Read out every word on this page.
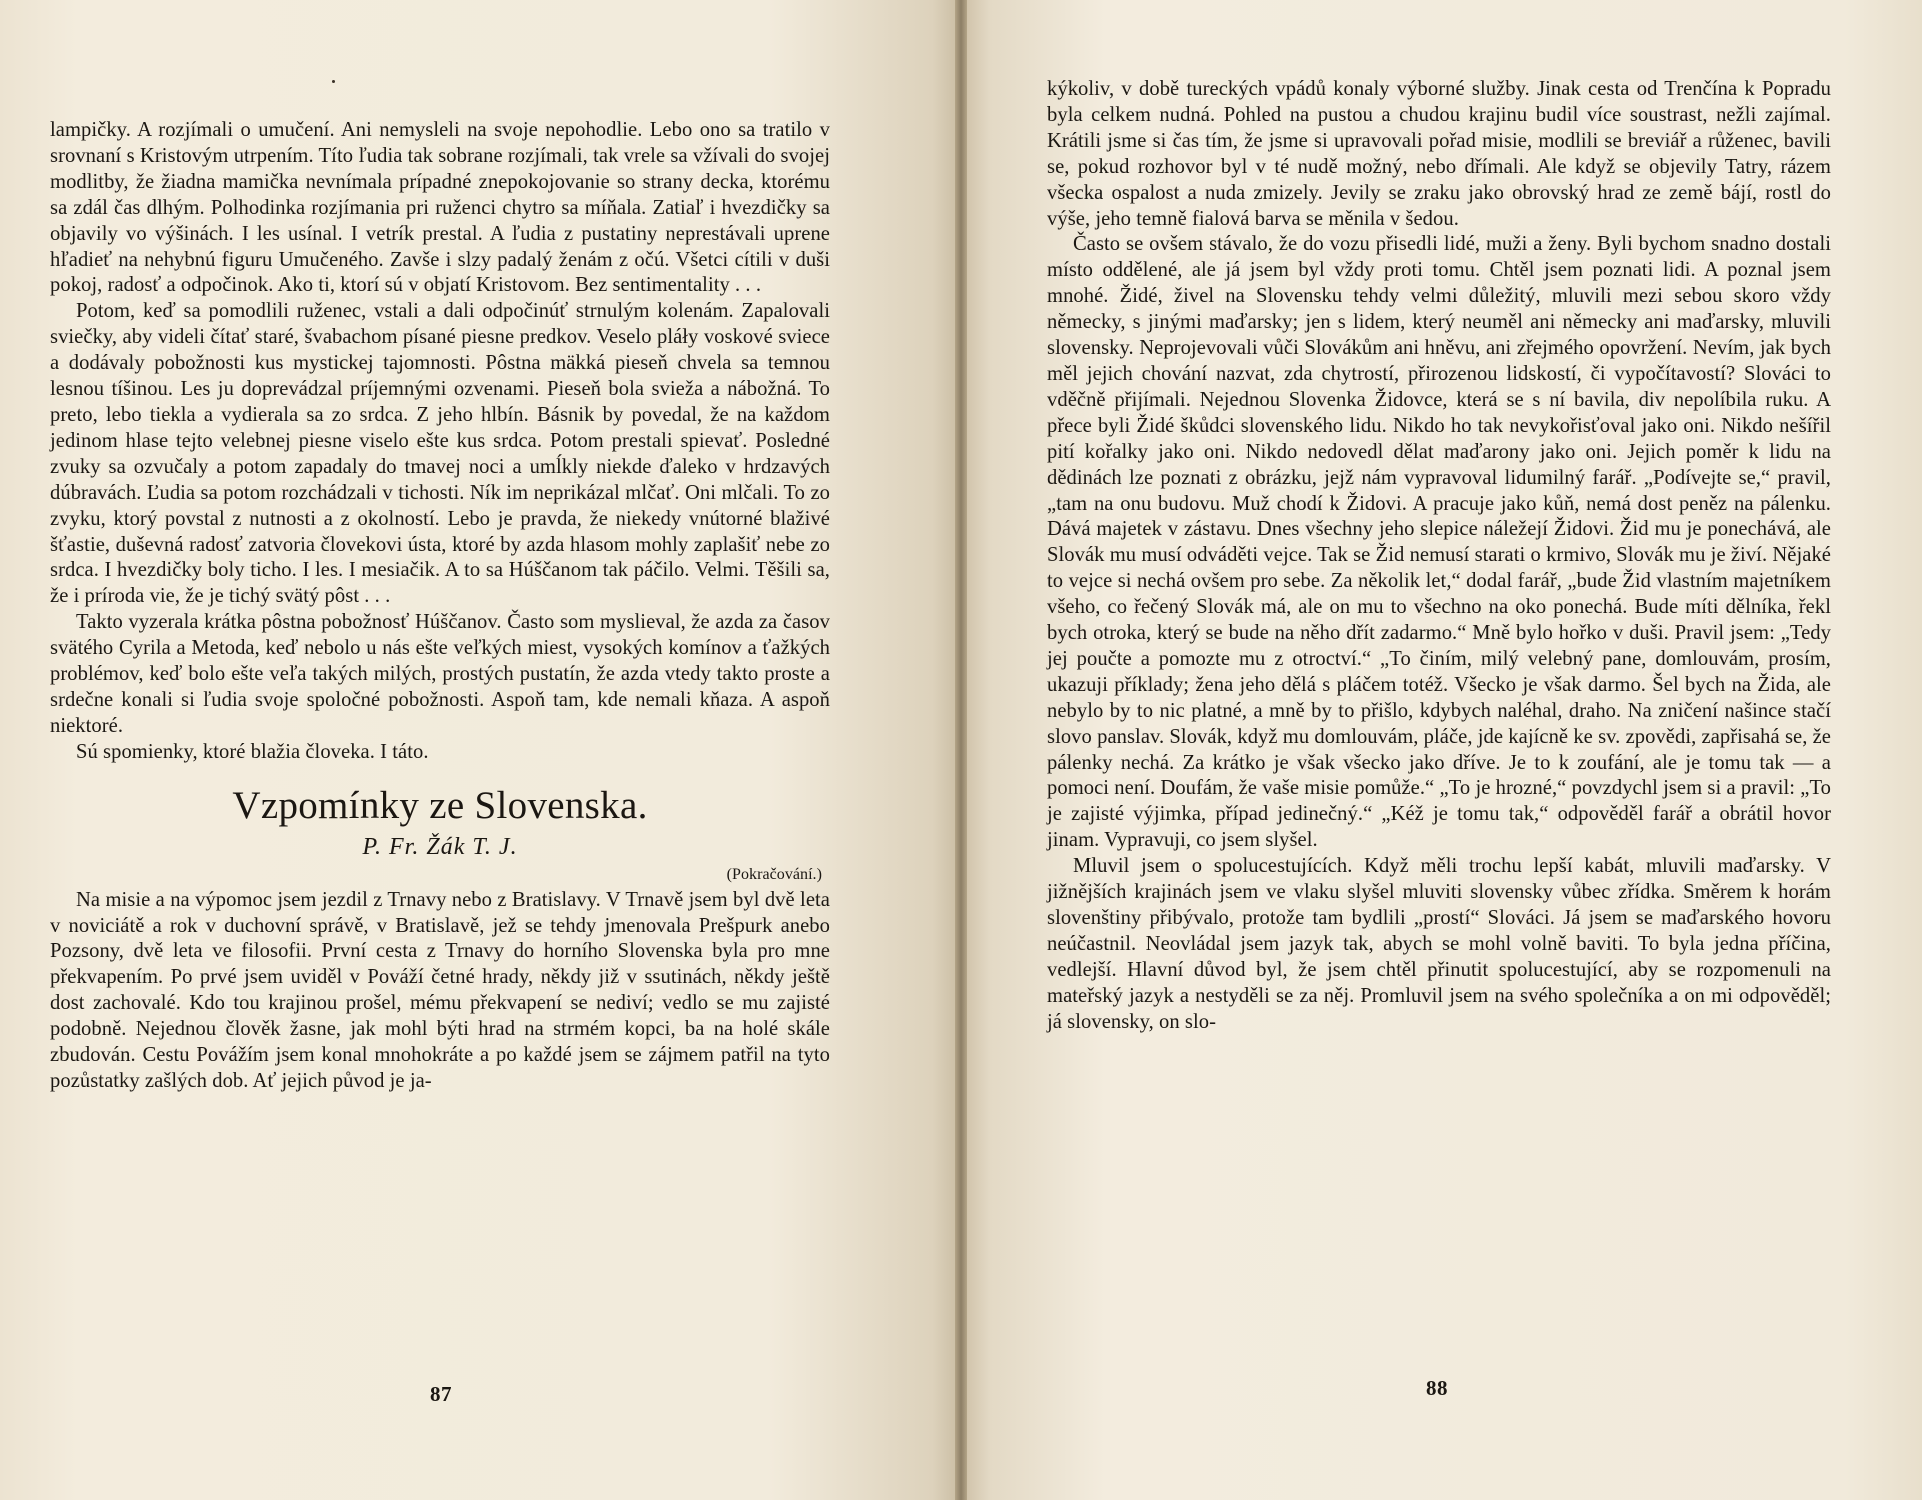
lampičky. A rozjímali o umučení. Ani nemysleli na svoje nepohodlie. Lebo ono sa tratilo v srovnaní s Kristovým utrpením. Títo ľudia tak sobrane rozjímali, tak vrele sa vžívali do svojej modlitby, že žiadna mamička nevnímala prípadné znepokojovanie so strany decka, ktorému sa zdál čas dlhým. Polhodinka rozjímania pri ruženci chytro sa míňala. Zatiaľ i hvezdičky sa objavily vo výšinách. I les usínal. I vetrík prestal. A ľudia z pustatiny neprestávali uprene hľadieť na nehybnú figuru Umučeného. Zavše i slzy padalý ženám z očú. Všetci cítili v duši pokoj, radosť a odpočinok. Ako ti, ktorí sú v objatí Kristovom. Bez sentimentality . . .

Potom, keď sa pomodlili ruženec, vstali a dali odpočinúť strnulým kolenám. Zapalovali sviečky, aby videli čítať staré, švabachom písané piesne predkov. Veselo pláły voskové sviece a dodávaly pobožnosti kus mystickej tajomnosti. Pôstna mäkká pieseň chvela sa temnou lesnou tíšinou. Les ju doprevádzal príjemnými ozvenami. Pieseň bola svieža a nábožná. To preto, lebo tiekla a vydierala sa zo srdca. Z jeho hlbín. Básnik by povedal, že na každom jedinom hlase tejto velebnej piesne viselo ešte kus srdca. Potom prestali spievať. Posledné zvuky sa ozvučaly a potom zapadaly do tmavej noci a umĺkly niekde ďaleko v hrdzavých dúbravách. Ľudia sa potom rozchádzali v tichosti. Ník im neprikázal mlčať. Oni mlčali. To zo zvyku, ktorý povstal z nutnosti a z okolností. Lebo je pravda, že niekedy vnútorné blaživé šťastie, duševná radosť zatvoria človekovi ústa, ktoré by azda hlasom mohly zaplašiť nebe zo srdca. I hvezdičky boly ticho. I les. I mesiačik. A to sa Húščanom tak páčilo. Velmi. Těšili sa, že i príroda vie, že je tichý svätý pôst . . .

Takto vyzerala krátka pôstna pobožnosť Húščanov. Často som myslieval, že azda za časov svätého Cyrila a Metoda, keď nebolo u nás ešte veľkých miest, vysokých komínov a ťažkých problémov, keď bolo ešte veľa takých milých, prostých pustatín, že azda vtedy takto proste a srdečne konali si ľudia svoje spoločné pobožnosti. Aspoň tam, kde nemali kňaza. A aspoň niektoré.

Sú spomienky, ktoré blažia človeka. I táto.

Vzpomínky ze Slovenska.
P. Fr. Žák T. J.
(Pokračování.)

Na misie a na výpomoc jsem jezdil z Trnavy nebo z Bratislavy. V Trnavě jsem byl dvě leta v noviciátě a rok v duchovní správě, v Bratislavě, jež se tehdy jmenovala Prešpurk anebo Pozsony, dvě leta ve filosofii. První cesta z Trnavy do horního Slovenska byla pro mne překvapením. Po prvé jsem uviděl v Pováží četné hrady, někdy již v ssutinách, někdy ještě dost zachovalé. Kdo tou krajinou prošel, mému překvapení se nediví; vedlo se mu zajisté podobně. Nejednou člověk žasne, jak mohl býti hrad na strmém kopci, ba na holé skále zbudován. Cestu Povážím jsem konal mnohokráte a po každé jsem se zájmem patřil na tyto pozůstatky zašlých dob. Ať jejich původ je ja-

87

kýkoliv, v době tureckých vpádů konaly výborné služby. Jinak cesta od Trenčína k Popradu byla celkem nudná. Pohled na pustou a chudou krajinu budil více soustrast, nežli zajímal. Krátili jsme si čas tím, že jsme si upravovali pořad misie, modlili se breviář a růženec, bavili se, pokud rozhovor byl v té nudě možný, nebo dřímali. Ale když se objevily Tatry, rázem všecka ospalost a nuda zmizely. Jevily se zraku jako obrovský hrad ze země bájí, rostl do výše, jeho temně fialová barva se měnila v šedou.

Často se ovšem stávalo, že do vozu přisedli lidé, muži a ženy. Byli bychom snadno dostali místo oddělené, ale já jsem byl vždy proti tomu. Chtěl jsem poznati lidi. A poznal jsem mnohé. Židé, živel na Slovensku tehdy velmi důležitý, mluvili mezi sebou skoro vždy německy, s jinými maďarsky; jen s lidem, který neuměl ani německy ani maďarsky, mluvili slovensky. Neprojevovali vůči Slovákům ani hněvu, ani zřejmého opovržení. Nevím, jak bych měl jejich chování nazvat, zda chytrostí, přirozenou lidskostí, či vypočítavostí? Slováci to vděčně přijímali. Nejednou Slovenka Židovce, která se s ní bavila, div nepolíbila ruku. A přece byli Židé škůdci slovenského lidu. Nikdo ho tak nevykořisťoval jako oni. Nikdo nešířil pití kořalky jako oni. Nikdo nedovedl dělat maďarony jako oni. Jejich poměr k lidu na dědinách lze poznati z obrázku, jejž nám vypravoval lidumilný farář. „Podívejte se,“ pravil, „tam na onu budovu. Muž chodí k Židovi. A pracuje jako kůň, nemá dost peněz na pálenku. Dává majetek v zástavu. Dnes všechny jeho slepice náležejí Židovi. Žid mu je ponechává, ale Slovák mu musí odváděti vejce. Tak se Žid nemusí starati o krmivo, Slovák mu je živí. Nějaké to vejce si nechá ovšem pro sebe. Za několik let,“ dodal farář, „bude Žid vlastním majetníkem všeho, co řečený Slovák má, ale on mu to všechno na oko ponechá. Bude míti dělníka, řekl bych otroka, který se bude na něho dřít zadarmo.“ Mně bylo hořko v duši. Pravil jsem: „Tedy jej poučte a pomozte mu z otroctví.“ „To činím, milý velebný pane, domlouvám, prosím, ukazuji příklady; žena jeho dělá s pláčem totéž. Všecko je však darmo. Šel bych na Žida, ale nebylo by to nic platné, a mně by to přišlo, kdybych naléhal, draho. Na zničení našince stačí slovo panslav. Slovák, když mu domlouvám, pláče, jde kajícně ke sv. zpovědi, zapřisahá se, že pálenky nechá. Za krátko je však všecko jako dříve. Je to k zoufání, ale je tomu tak — a pomoci není. Doufám, že vaše misie pomůže.“ „To je hrozné,“ povzdychl jsem si a pravil: „To je zajisté výjimka, případ jedinečný.“ „Kéž je tomu tak,“ odpověděl farář a obrátil hovor jinam. Vypravuji, co jsem slyšel.

Mluvil jsem o spolucestujících. Když měli trochu lepší kabát, mluvili maďarsky. V jižnějších krajinách jsem ve vlaku slyšel mluviti slovensky vůbec zřídka. Směrem k horám slovenštiny přibývalo, protože tam bydlili „prostí“ Slováci. Já jsem se maďarského hovoru neúčastnil. Neovládal jsem jazyk tak, abych se mohl volně baviti. To byla jedna příčina, vedlejší. Hlavní důvod byl, že jsem chtěl přinutit spolucestující, aby se rozpomenuli na mateřský jazyk a nestyděli se za něj. Promluvil jsem na svého společníka a on mi odpověděl; já slovensky, on slo-

88
